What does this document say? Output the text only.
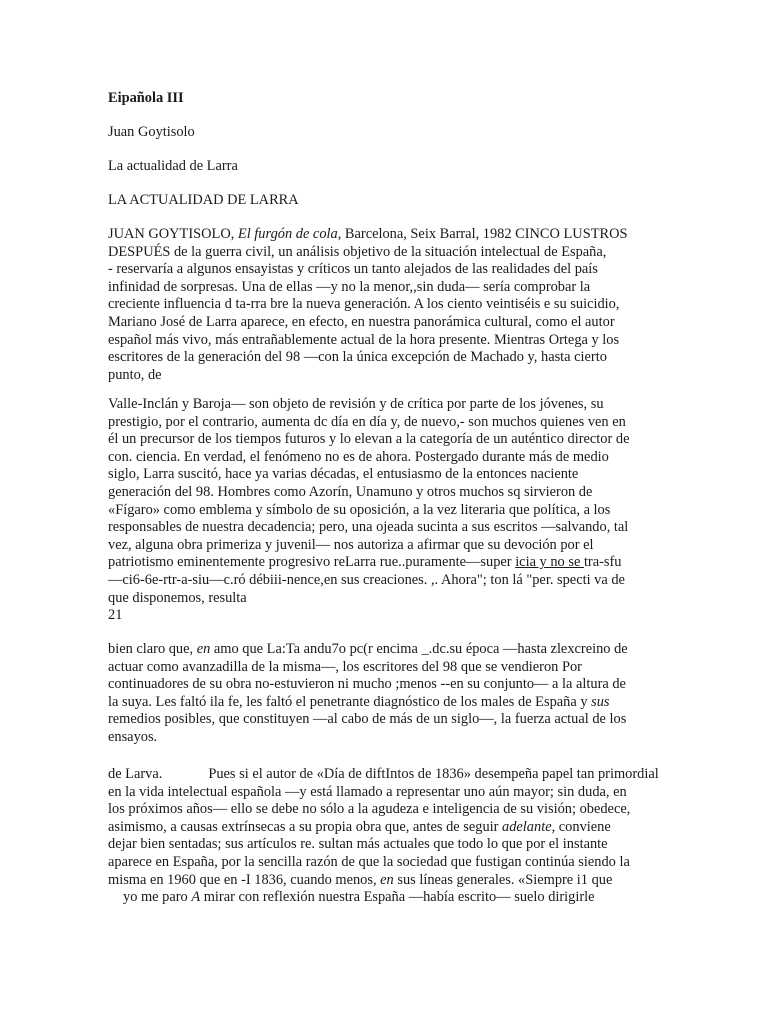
Eipañola III
Juan Goytisolo
La actualidad de Larra
LA ACTUALIDAD DE LARRA
JUAN GOYTISOLO, El furgón de cola, Barcelona, Seix Barral, 1982 CINCO LUSTROS
DESPUÉS de la guerra civil, un análisis objetivo de la situación intelectual de España,
- reservaría a algunos ensayistas y críticos un tanto alejados de las realidades del país
infinidad de sorpresas. Una de ellas —y no la menor,,sin duda— sería comprobar la
creciente influencia d ta-rra bre la nueva generación. A los ciento veintiséis e su suicidio,
Mariano José de Larra aparece, en efecto, en nuestra panorámica cultural, como el autor
español más vivo, más entrañablemente actual de la hora presente. Mientras Ortega y los
escritores de la generación del 98 —con la única excepción de Machado y, hasta cierto
punto, de
Valle-Inclán y Baroja— son objeto de revisión y de crítica por parte de los jóvenes, su
prestigio, por el contrario, aumenta dc día en día y, de nuevo,- son muchos quienes ven en
él un precursor de los tiempos futuros y lo elevan a la categoría de un auténtico director de
con. ciencia. En verdad, el fenómeno no es de ahora. Postergado durante más de medio
siglo, Larra suscitó, hace ya varias décadas, el entusiasmo de la entonces naciente
generación del 98. Hombres como Azorín, Unamuno y otros muchos sq sirvieron de
«Fígaro» como emblema y símbolo de su oposición, a la vez literaria que política, a los
responsables de nuestra decadencia; pero, una ojeada sucinta a sus escritos —salvando, tal
vez, alguna obra primeriza y juvenil— nos autoriza a afirmar que su devoción por el
patriotismo eminentemente progresivo reLarra rue..puramente—super icia y no se tra-sfu
—ci6-6e-rtr-a-siu—c.ró débiii-nence,en sus creaciones. ,. Ahora"; ton lá "per. specti va de
que disponemos, resulta
21
bien claro que, en amo que La:Ta andu7o pc(r encima _.dc.su época —hasta zlexcreino de
actuar como avanzadilla de la misma—, los escritores del 98 que se vendieron Por
continuadores de su obra no-estuvieron ni mucho ;menos --en su conjunto— a la altura de
la suya. Les faltó ila fe, les faltó el penetrante diagnóstico de los males de España y sus
remedios posibles, que constituyen —al cabo de más de un siglo—, la fuerza actual de los
ensayos.
de Larva.	Pues si el autor de «Día de diftIntos de 1836» desempeña papel tan primordial
en la vida intelectual española —y está llamado a representar uno aún mayor; sin duda, en
los próximos años— ello se debe no sólo a la agudeza e inteligencia de su visión; obedece,
asimismo, a causas extrínsecas a su propia obra que, antes de seguir adelante, conviene
dejar bien sentadas; sus artículos re. sultan más actuales que todo lo que por el instante
aparece en España, por la sencilla razón de que la sociedad que fustigan continúa siendo la
misma en 1960 que en -I 1836, cuando menos, en sus líneas generales. «Siempre i1 que
yo me paro A mirar con reflexión nuestra España —había escrito— suelo dirigirle
